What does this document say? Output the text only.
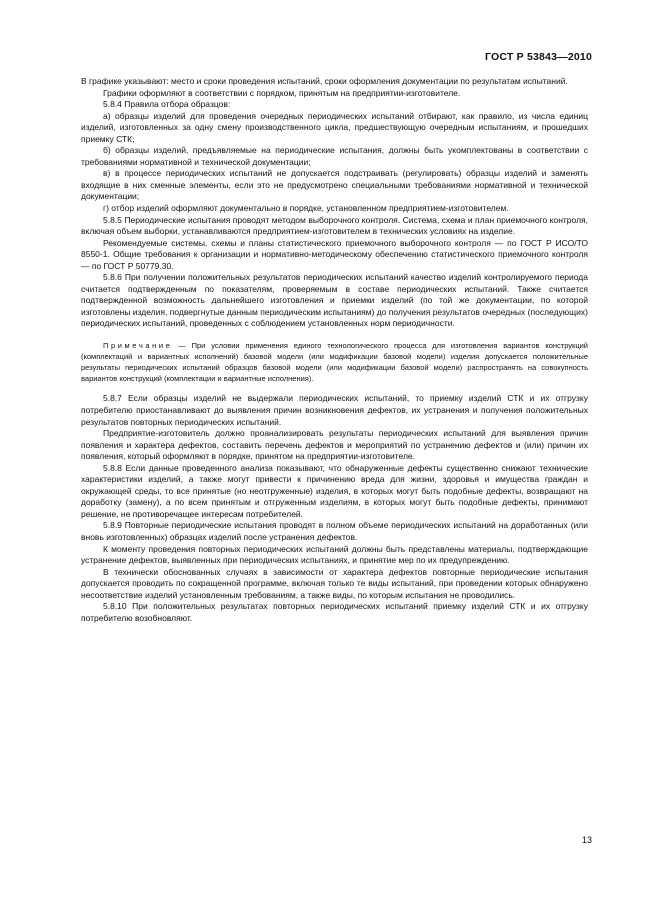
ГОСТ Р 53843—2010

В графике указывают: место и сроки проведения испытаний, сроки оформления документации по результатам испытаний.

Графики оформляют в соответствии с порядком, принятым на предприятии-изготовителе.

5.8.4 Правила отбора образцов:

а) образцы изделий для проведения очередных периодических испытаний отбирают, как правило, из числа единиц изделий, изготовленных за одну смену производственного цикла, предшествующую очередным испытаниям, и прошедших приемку СТК;

б) образцы изделий, предъявляемые на периодические испытания, должны быть укомплектованы в соответствии с требованиями нормативной и технической документации;

в) в процессе периодических испытаний не допускается подстраивать (регулировать) образцы изделий и заменять входящие в них сменные элементы, если это не предусмотрено специальными требованиями нормативной и технической документации;

г) отбор изделий оформляют документально в порядке, установленном предприятием-изготовителем.

5.8.5 Периодические испытания проводят методом выборочного контроля. Система, схема и план приемочного контроля, включая объем выборки, устанавливаются предприятием-изготовителем в технических условиях на изделие.

Рекомендуемые системы, схемы и планы статистического приемочного выборочного контроля — по ГОСТ Р ИСО/ТО 8550-1. Общие требования к организации и нормативно-методическому обеспечению статистического приемочного контроля — по ГОСТ Р 50779.30.

5.8.6 При получении положительных результатов периодических испытаний качество изделий контролируемого периода считается подтвержденным по показателям, проверяемым в составе периодических испытаний. Также считается подтвержденной возможность дальнейшего изготовления и приемки изделий (по той же документации, по которой изготовлены изделия, подвергнутые данным периодическим испытаниям) до получения результатов очередных (последующих) периодических испытаний, проведенных с соблюдением установленных норм периодичности.

Примечание — При условии применения единого технологического процесса для изготовления вариантов конструкций (комплектаций и вариантных исполнений) базовой модели (или модификации базовой модели) изделия допускается положительные результаты периодических испытаний образцов базовой модели (или модификации базовой модели) распространять на совокупность вариантов конструкций (комплектации и вариантные исполнения).

5.8.7 Если образцы изделий не выдержали периодических испытаний, то приемку изделий СТК и их отгрузку потребителю приостанавливают до выявления причин возникновения дефектов, их устранения и получения положительных результатов повторных периодических испытаний.

Предприятие-изготовитель должно проанализировать результаты периодических испытаний для выявления причин появления и характера дефектов, составить перечень дефектов и мероприятий по устранению дефектов и (или) причин их появления, который оформляют в порядке, принятом на предприятии-изготовителе.

5.8.8 Если данные проведенного анализа показывают, что обнаруженные дефекты существенно снижают технические характеристики изделий, а также могут привести к причинению вреда для жизни, здоровья и имущества граждан и окружающей среды, то все принятые (но неотгруженные) изделия, в которых могут быть подобные дефекты, возвращают на доработку (замену), а по всем принятым и отгруженным изделиям, в которых могут быть подобные дефекты, принимают решение, не противоречащее интересам потребителей.

5.8.9 Повторные периодические испытания проводят в полном объеме периодических испытаний на доработанных (или вновь изготовленных) образцах изделий после устранения дефектов.

К моменту проведения повторных периодических испытаний должны быть представлены материалы, подтверждающие устранение дефектов, выявленных при периодических испытаниях, и принятие мер по их предупреждению.

В технически обоснованных случаях в зависимости от характера дефектов повторные периодические испытания допускается проводить по сокращенной программе, включая только те виды испытаний, при проведении которых обнаружено несоответствие изделий установленным требованиям, а также виды, по которым испытания не проводились.

5.8.10 При положительных результатах повторных периодических испытаний приемку изделий СТК и их отгрузку потребителю возобновляют.

13
